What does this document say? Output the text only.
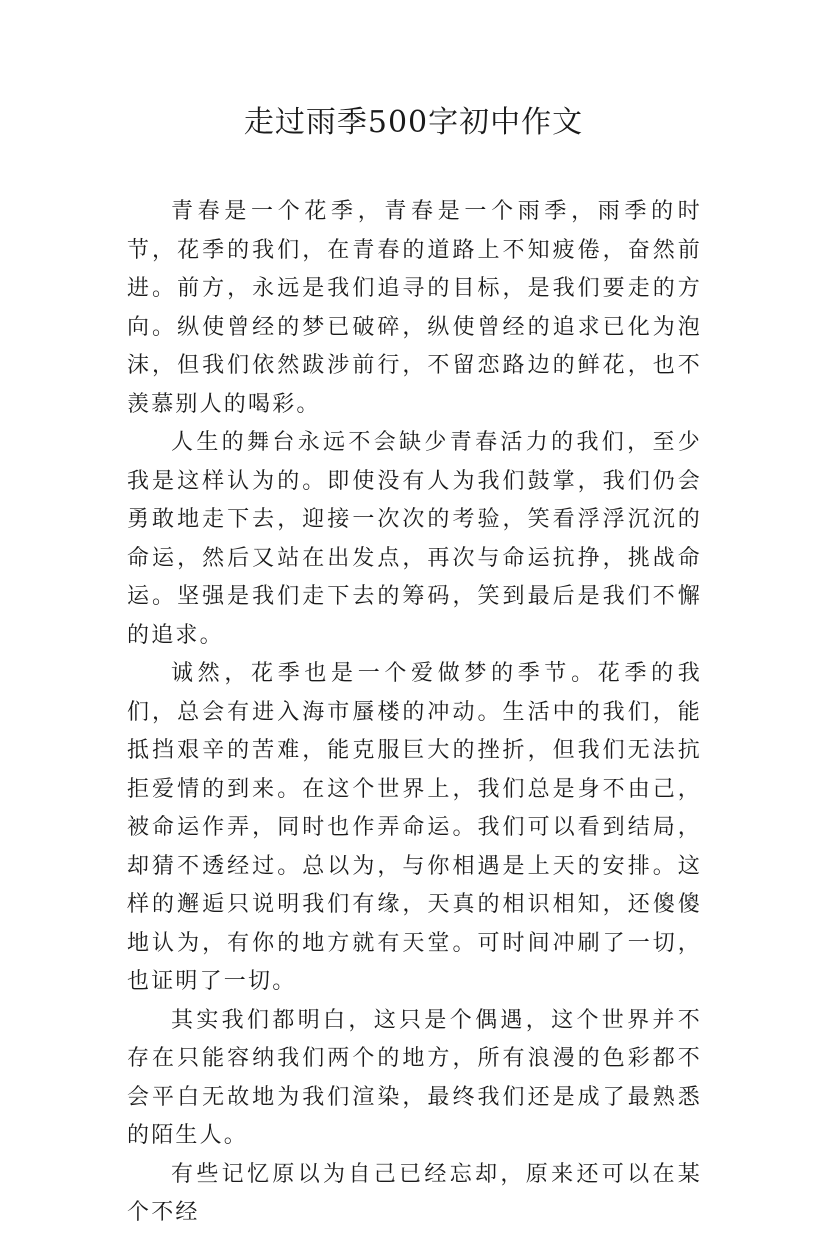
走过雨季500字初中作文

青春是一个花季，青春是一个雨季，雨季的时节，花季的我们，在青春的道路上不知疲倦，奋然前进。前方，永远是我们追寻的目标，是我们要走的方向。纵使曾经的梦已破碎，纵使曾经的追求已化为泡沫，但我们依然跋涉前行，不留恋路边的鲜花，也不羡慕别人的喝彩。

人生的舞台永远不会缺少青春活力的我们，至少我是这样认为的。即使没有人为我们鼓掌，我们仍会勇敢地走下去，迎接一次次的考验，笑看浮浮沉沉的命运，然后又站在出发点，再次与命运抗挣，挑战命运。坚强是我们走下去的筹码，笑到最后是我们不懈的追求。

诚然，花季也是一个爱做梦的季节。花季的我们，总会有进入海市蜃楼的冲动。生活中的我们，能抵挡艰辛的苦难，能克服巨大的挫折，但我们无法抗拒爱情的到来。在这个世界上，我们总是身不由己，被命运作弄，同时也作弄命运。我们可以看到结局，却猜不透经过。总以为，与你相遇是上天的安排。这样的邂逅只说明我们有缘，天真的相识相知，还傻傻地认为，有你的地方就有天堂。可时间冲刷了一切，也证明了一切。

其实我们都明白，这只是个偶遇，这个世界并不存在只能容纳我们两个的地方，所有浪漫的色彩都不会平白无故地为我们渲染，最终我们还是成了最熟悉的陌生人。

有些记忆原以为自己已经忘却，原来还可以在某个不经
